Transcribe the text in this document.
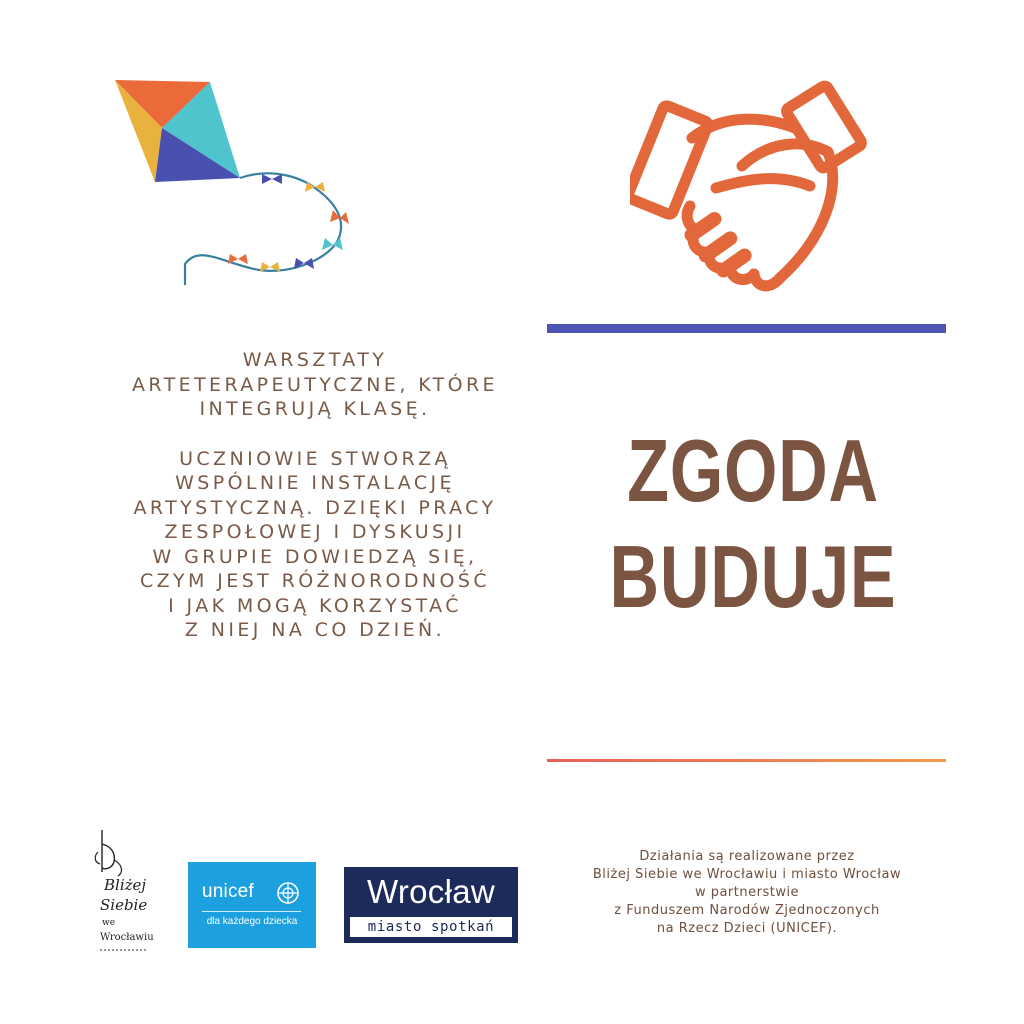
WARSZTATY
ARTETERAPEUTYCZNE, KTÓRE
INTEGRUJĄ KLASĘ.

UCZNIOWIE STWORZĄ
WSPÓLNIE INSTALACJĘ
ARTYSTYCZNĄ. DZIĘKI PRACY
ZESPOŁOWEJ I DYSKUSJI
W GRUPIE DOWIEDZĄ SIĘ,
CZYM JEST RÓŻNORODNOŚĆ
I JAK MOGĄ KORZYSTAĆ
Z NIEJ NA CO DZIEŃ.

ZGODA
BUDUJE
Działania są realizowane przez
Bliżej Siebie we Wrocławiu i miasto Wrocław
w partnerstwie
z Funduszem Narodów Zjednoczonych
na Rzecz Dzieci (UNICEF).
Bliżej
Siebie
we
Wrocławiu
unicef
dla każdego dziecka
Wrocław
miasto spotkań
